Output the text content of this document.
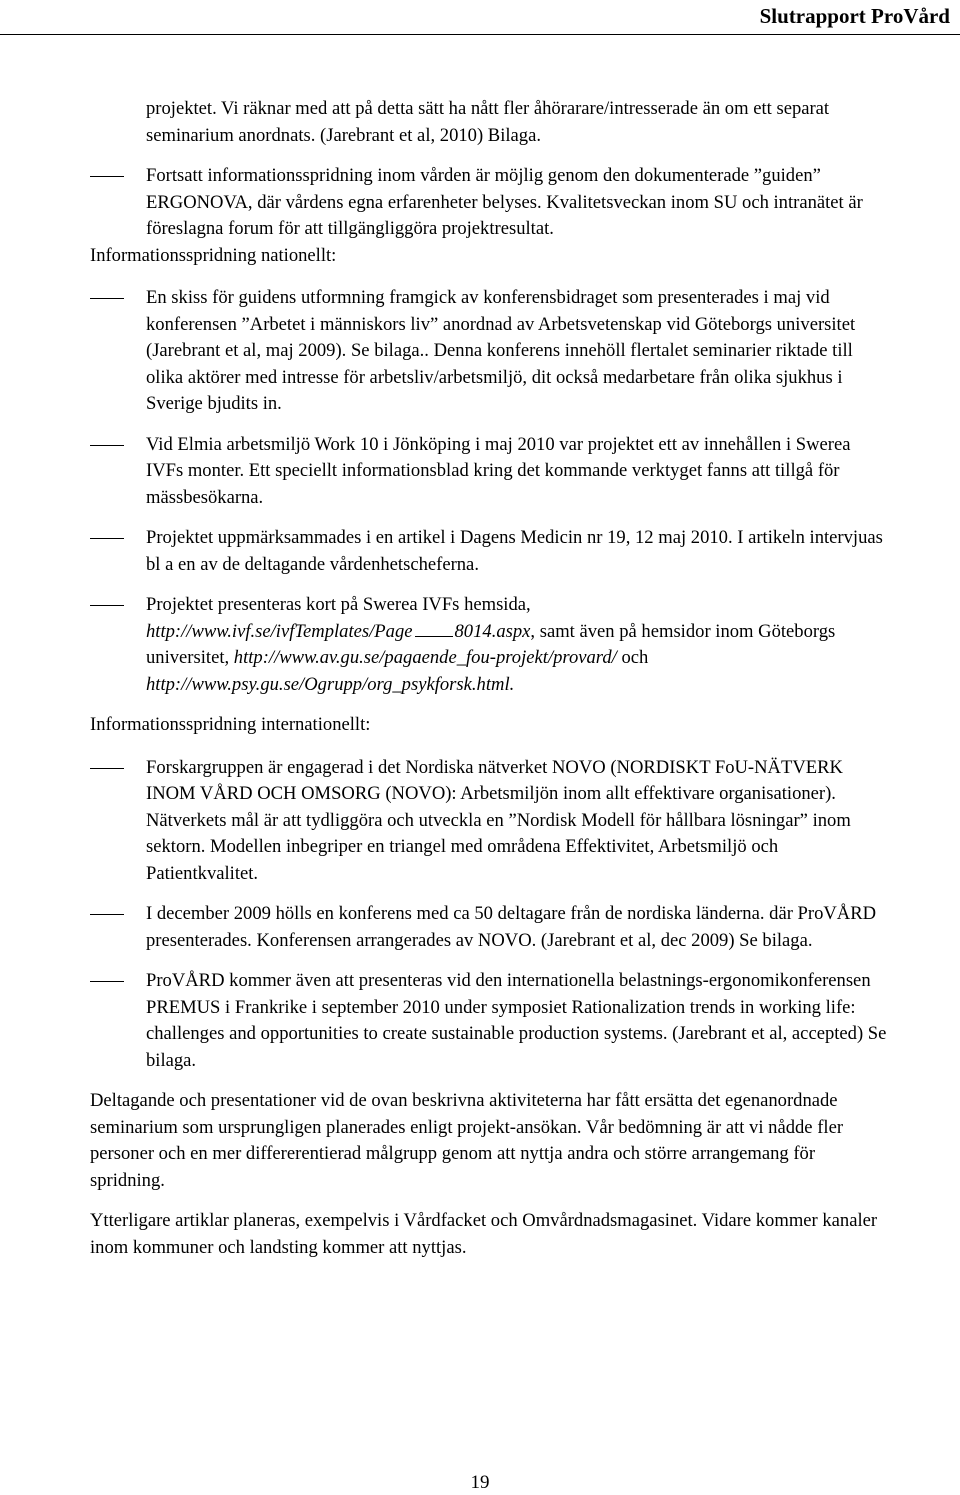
Slutrapport ProVård

projektet. Vi räknar med att på detta sätt ha nått fler åhörarare/intresserade än om ett separat seminarium anordnats. (Jarebrant et al, 2010) Bilaga.

Fortsatt informationsspridning inom vården är möjlig genom den dokumenterade ”guiden” ERGONOVA, där vårdens egna erfarenheter belyses. Kvalitetsveckan inom SU och intranätet är föreslagna forum för att tillgängliggöra projektresultat.

Informationsspridning nationellt:

En skiss för guidens utformning framgick av konferensbidraget som presenterades i maj vid konferensen ”Arbetet i människors liv” anordnad av Arbetsvetenskap vid Göteborgs universitet (Jarebrant et al, maj 2009). Se bilaga.. Denna konferens innehöll flertalet seminarier riktade till olika aktörer med intresse för arbetsliv/arbetsmiljö, dit också medarbetare från olika sjukhus i Sverige bjudits in.
Vid Elmia arbetsmiljö Work 10 i Jönköping i maj 2010 var projektet ett av innehållen i Swerea IVFs monter. Ett speciellt informationsblad kring det kommande verktyget fanns att tillgå för mässbesökarna.
Projektet uppmärksammades i en artikel i Dagens Medicin nr 19, 12 maj 2010. I artikeln intervjuas bl a en av de deltagande vårdenhetscheferna.
Projektet presenteras kort på Swerea IVFs hemsida,
http://www.ivf.se/ivfTemplates/Page 8014.aspx, samt även på hemsidor inom Göteborgs universitet, http://www.av.gu.se/pagaende_fou-projekt/provard/ och http://www.psy.gu.se/Ogrupp/org_psykforsk.html.

Informationsspridning internationellt:

Forskargruppen är engagerad i det Nordiska nätverket NOVO (NORDISKT FoU-NÄTVERK INOM VÅRD OCH OMSORG (NOVO): Arbetsmiljön inom allt effektivare organisationer). Nätverkets mål är att tydliggöra och utveckla en ”Nordisk Modell för hållbara lösningar” inom sektorn. Modellen inbegriper en triangel med områdena Effektivitet, Arbetsmiljö och Patientkvalitet.
I december 2009 hölls en konferens med ca 50 deltagare från de nordiska länderna. där ProVÅRD presenterades. Konferensen arrangerades av NOVO. (Jarebrant et al, dec 2009) Se bilaga.
ProVÅRD kommer även att presenteras vid den internationella belastnings-ergonomikonferensen PREMUS i Frankrike i september 2010 under symposiet Rationalization trends in working life: challenges and opportunities to create sustainable production systems. (Jarebrant et al, accepted) Se bilaga.

Deltagande och presentationer vid de ovan beskrivna aktiviteterna har fått ersätta det egenanordnade seminarium som ursprungligen planerades enligt projekt-ansökan. Vår bedömning är att vi nådde fler personer och en mer differerentierad målgrupp genom att nyttja andra och större arrangemang för spridning.

Ytterligare artiklar planeras, exempelvis i Vårdfacket och Omvårdnadsmagasinet. Vidare kommer kanaler inom kommuner och landsting kommer att nyttjas.

19
